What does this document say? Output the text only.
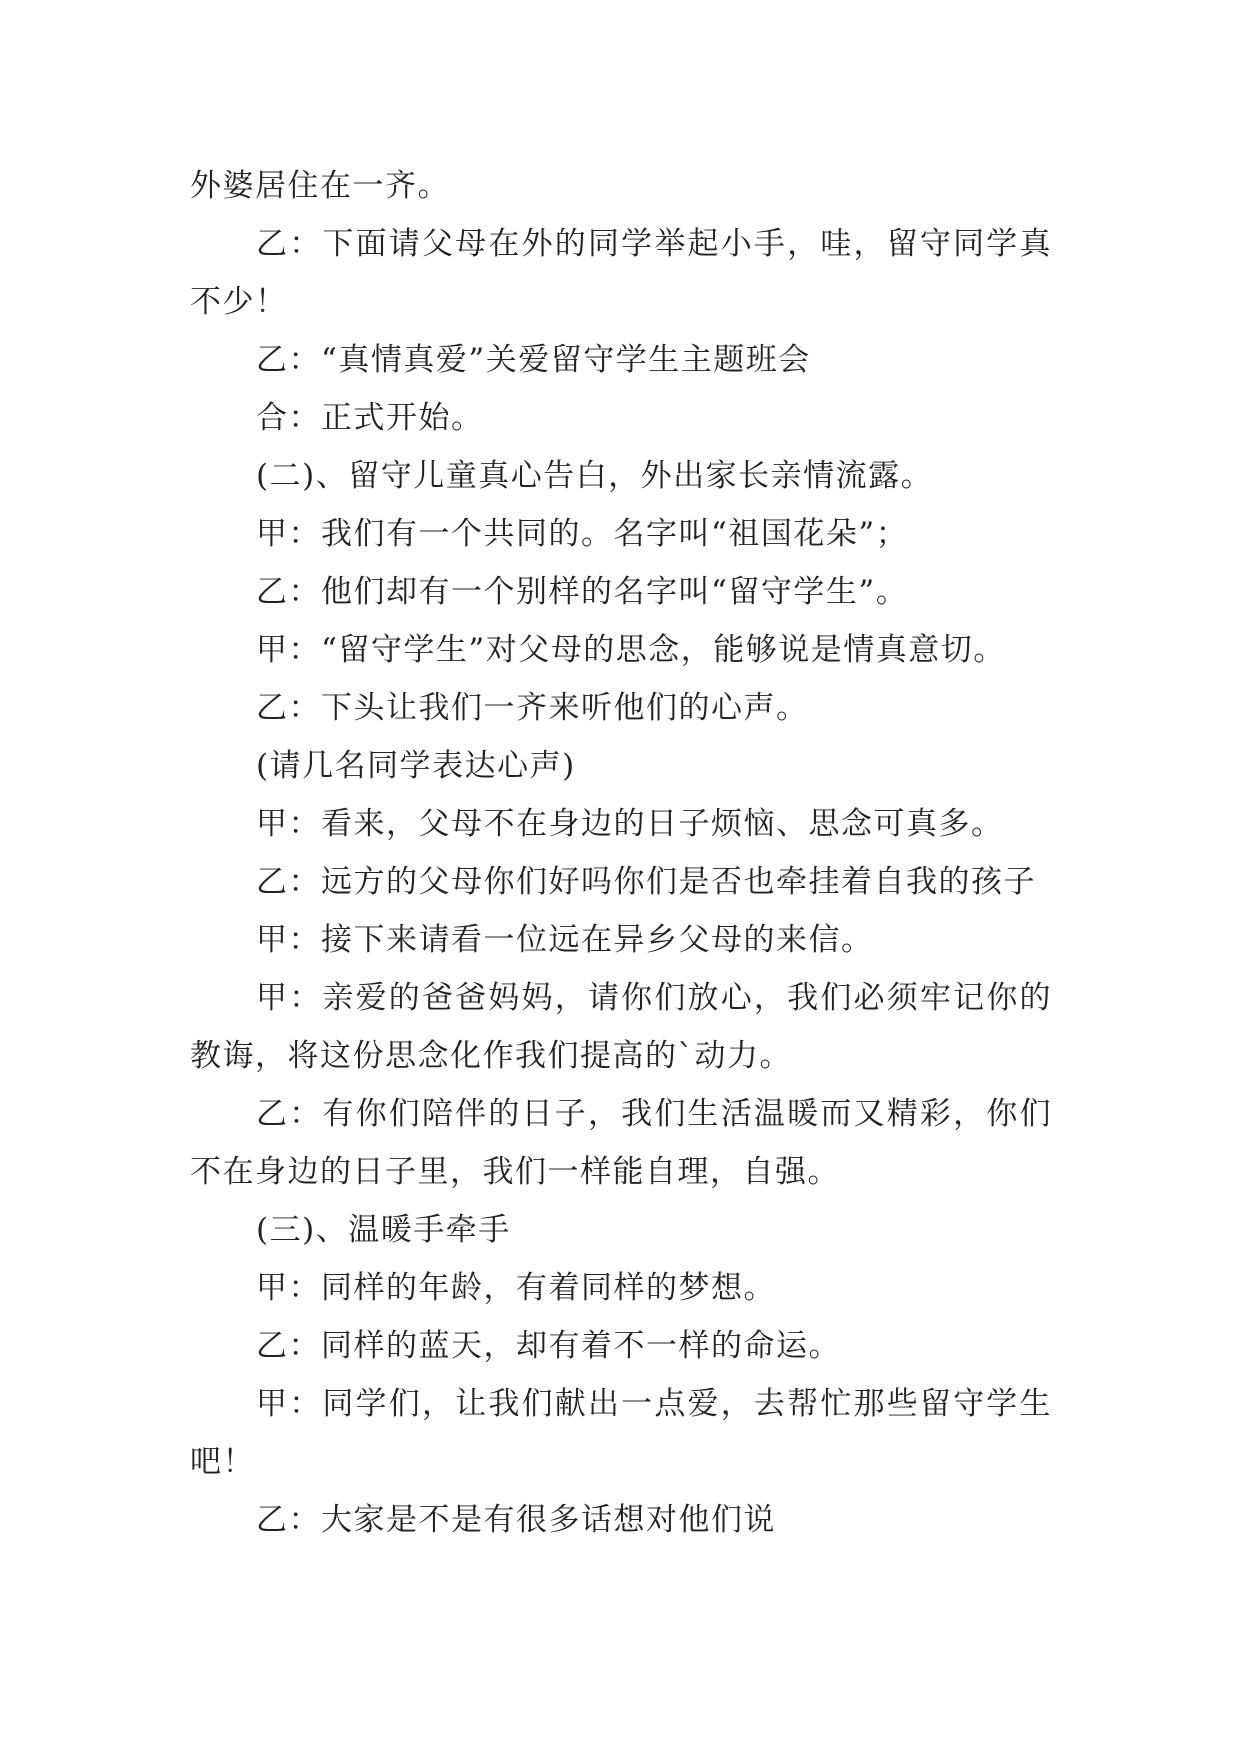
外婆居住在一齐。

乙：下面请父母在外的同学举起小手，哇，留守同学真不少！

乙：“真情真爱”关爱留守学生主题班会

合：正式开始。

(二)、留守儿童真心告白，外出家长亲情流露。

甲：我们有一个共同的。名字叫“祖国花朵”；

乙：他们却有一个别样的名字叫“留守学生”。

甲：“留守学生”对父母的思念，能够说是情真意切。

乙：下头让我们一齐来听他们的心声。

(请几名同学表达心声)

甲：看来，父母不在身边的日子烦恼、思念可真多。

乙：远方的父母你们好吗你们是否也牵挂着自我的孩子

甲：接下来请看一位远在异乡父母的来信。

甲：亲爱的爸爸妈妈，请你们放心，我们必须牢记你的教诲，将这份思念化作我们提高的`动力。

乙：有你们陪伴的日子，我们生活温暖而又精彩，你们不在身边的日子里，我们一样能自理，自强。

(三)、温暖手牵手

甲：同样的年龄，有着同样的梦想。

乙：同样的蓝天，却有着不一样的命运。

甲：同学们，让我们献出一点爱，去帮忙那些留守学生吧！

乙：大家是不是有很多话想对他们说
